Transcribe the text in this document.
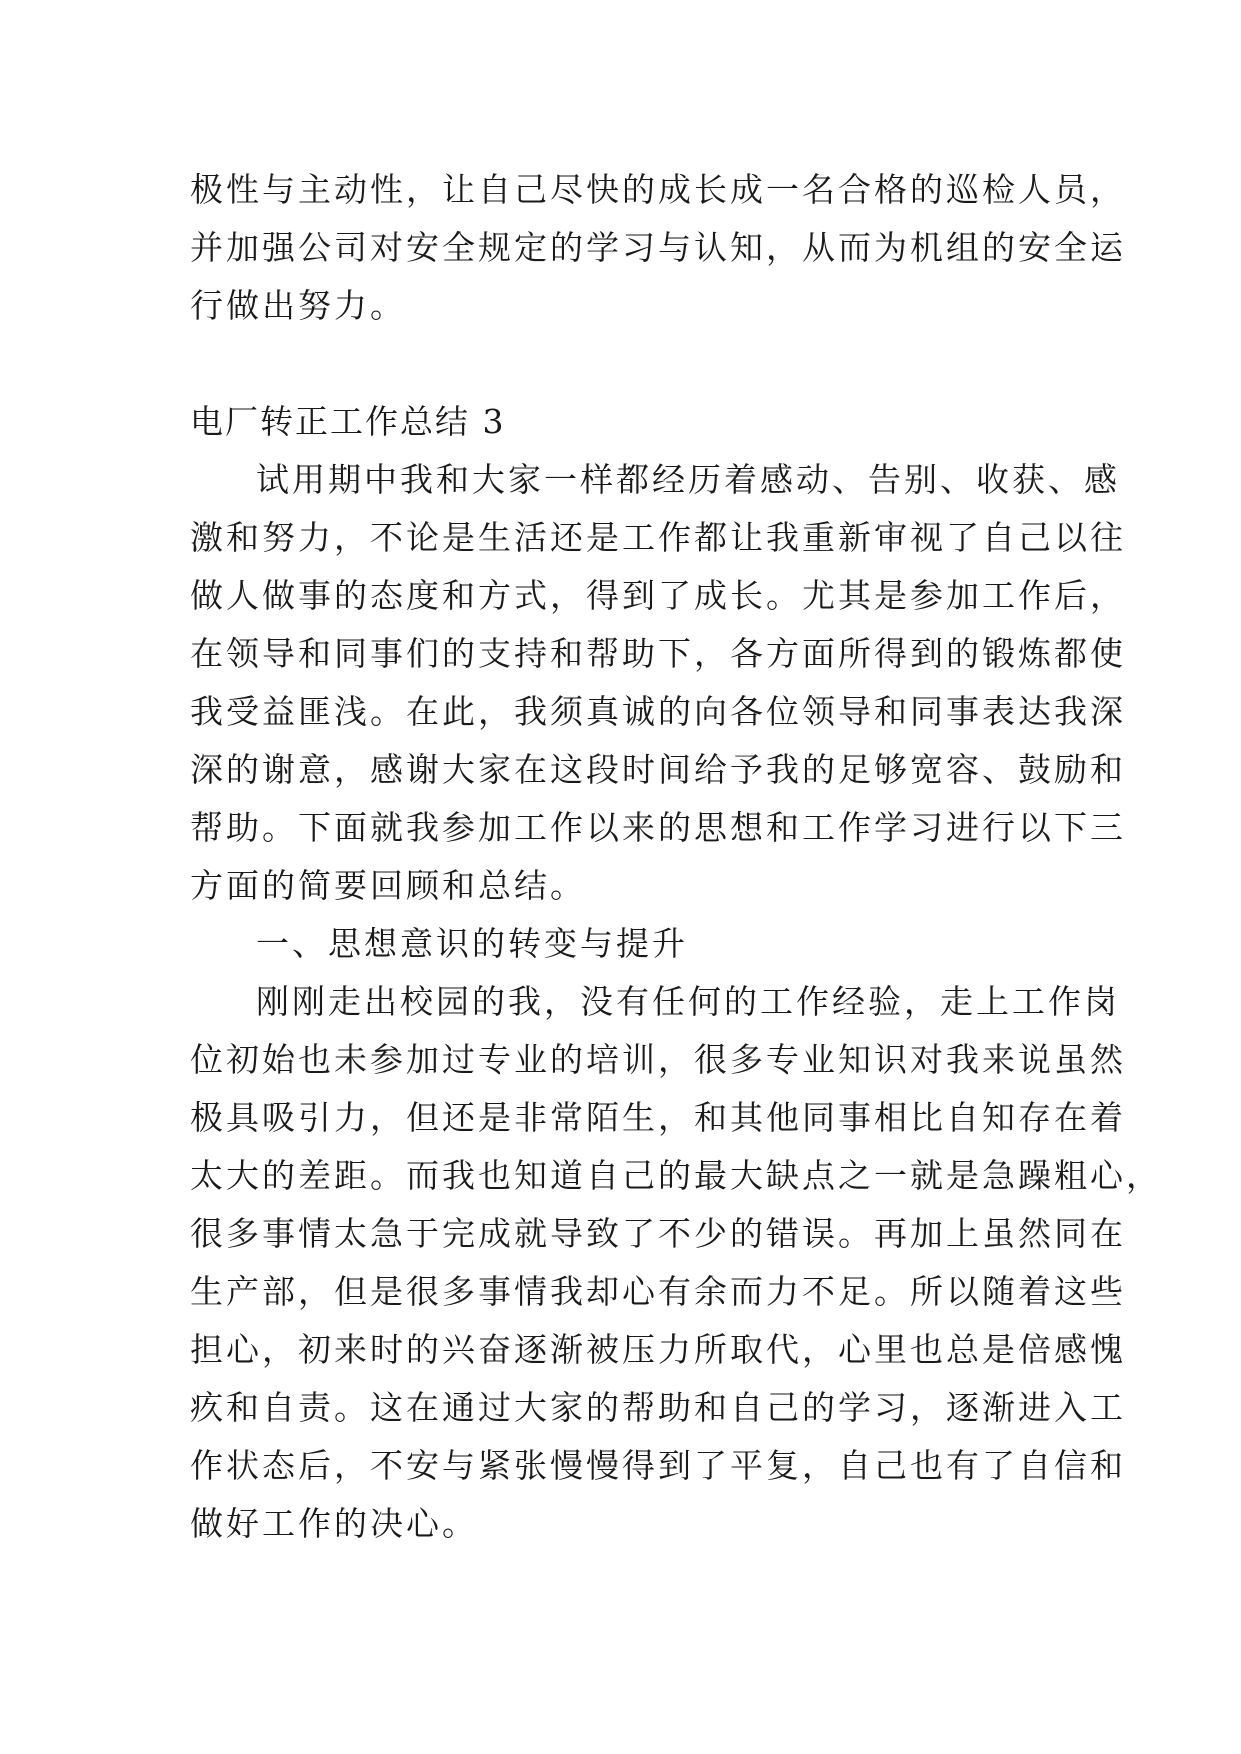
极性与主动性，让自己尽快的成长成一名合格的巡检人员，
并加强公司对安全规定的学习与认知，从而为机组的安全运
行做出努力。
电厂转正工作总结 3
试用期中我和大家一样都经历着感动、告别、收获、感
激和努力，不论是生活还是工作都让我重新审视了自己以往
做人做事的态度和方式，得到了成长。尤其是参加工作后，
在领导和同事们的支持和帮助下，各方面所得到的锻炼都使
我受益匪浅。在此，我须真诚的向各位领导和同事表达我深
深的谢意，感谢大家在这段时间给予我的足够宽容、鼓励和
帮助。下面就我参加工作以来的思想和工作学习进行以下三
方面的简要回顾和总结。
一、思想意识的转变与提升
刚刚走出校园的我，没有任何的工作经验，走上工作岗
位初始也未参加过专业的培训，很多专业知识对我来说虽然
极具吸引力，但还是非常陌生，和其他同事相比自知存在着
太大的差距。而我也知道自己的最大缺点之一就是急躁粗心，
很多事情太急于完成就导致了不少的错误。再加上虽然同在
生产部，但是很多事情我却心有余而力不足。所以随着这些
担心，初来时的兴奋逐渐被压力所取代，心里也总是倍感愧
疚和自责。这在通过大家的帮助和自己的学习，逐渐进入工
作状态后，不安与紧张慢慢得到了平复，自己也有了自信和
做好工作的决心。
